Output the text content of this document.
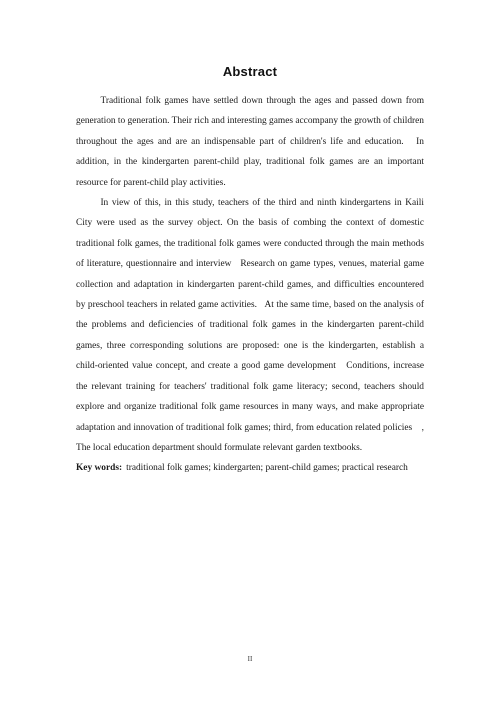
Abstract

Traditional folk games have settled down through the ages and passed down from generation to generation. Their rich and interesting games accompany the growth of children throughout the ages and are an indispensable part of children's life and education.   In addition, in the kindergarten parent-child play, traditional folk games are an important resource for parent-child play activities.

In view of this, in this study, teachers of the third and ninth kindergartens in Kaili City were used as the survey object. On the basis of combing the context of domestic traditional folk games, the traditional folk games were conducted through the main methods of literature, questionnaire and interview   Research on game types, venues, material game collection and adaptation in kindergarten parent-child games, and difficulties encountered by preschool teachers in related game activities.   At the same time, based on the analysis of the problems and deficiencies of traditional folk games in the kindergarten parent-child games, three corresponding solutions are proposed: one is the kindergarten, establish a child-oriented value concept, and create a good game development   Conditions, increase the relevant training for teachers' traditional folk game literacy; second, teachers should explore and organize traditional folk game resources in many ways, and make appropriate adaptation and innovation of traditional folk games; third, from education related policies    , The local education department should formulate relevant garden textbooks.

Key words: traditional folk games; kindergarten; parent-child games; practical research

II
